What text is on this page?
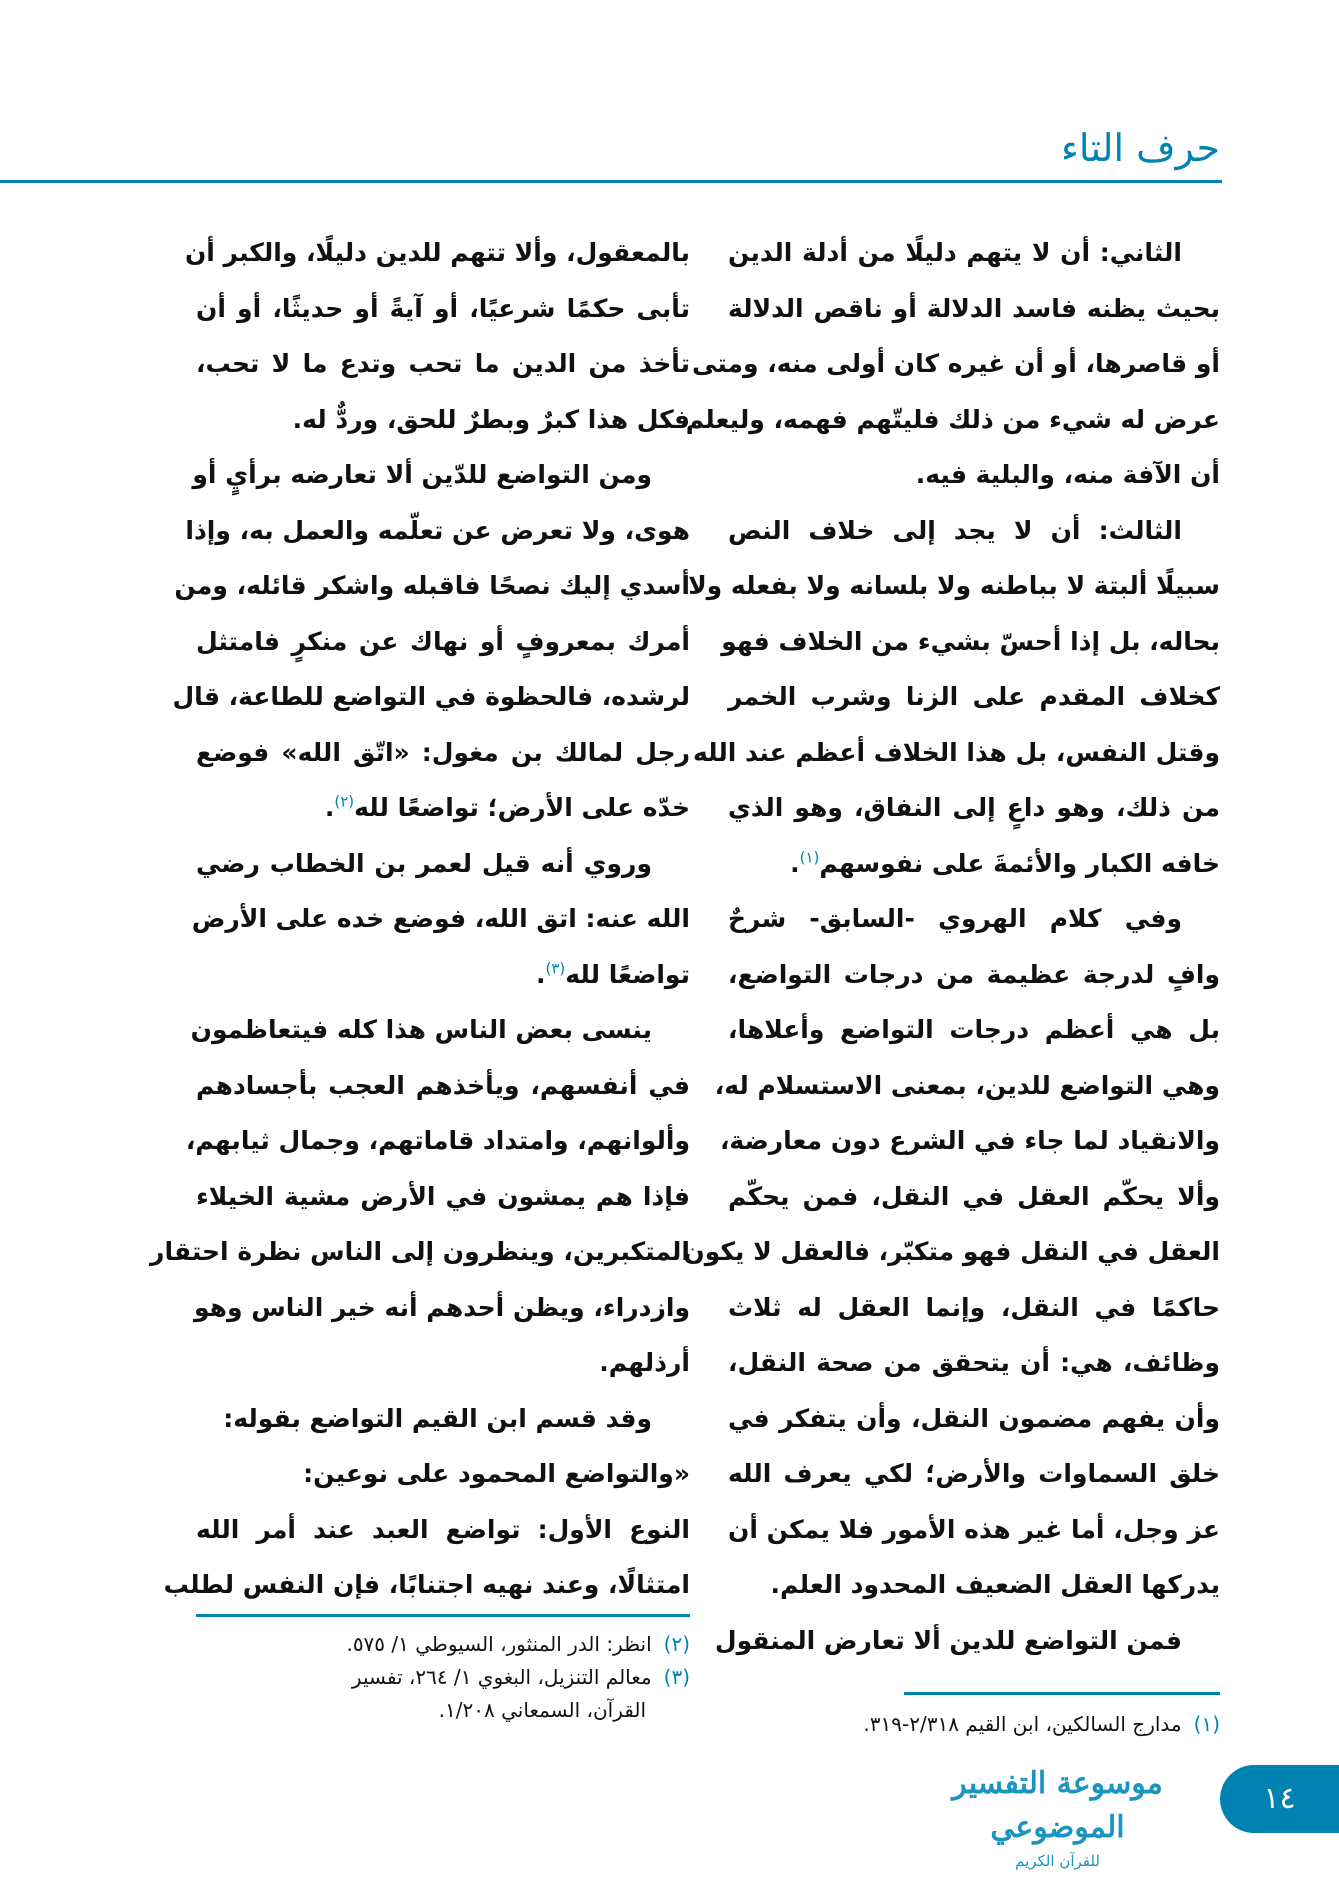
حرف التاء
الثاني: أن لا يتهم دليلًا من أدلة الدين
بحيث يظنه فاسد الدلالة أو ناقص الدلالة
أو قاصرها، أو أن غيره كان أولى منه، ومتى
عرض له شيء من ذلك فليتّهم فهمه، وليعلم
أن الآفة منه، والبلية فيه.
الثالث: أن لا يجد إلى خلاف النص
سبيلًا ألبتة لا بباطنه ولا بلسانه ولا بفعله ولا
بحاله، بل إذا أحسّ بشيء من الخلاف فهو
كخلاف المقدم على الزنا وشرب الخمر
وقتل النفس، بل هذا الخلاف أعظم عند الله
من ذلك، وهو داعٍ إلى النفاق، وهو الذي
خافه الكبار والأئمةَ على نفوسهم$^{(١)}$.
وفي كلام الهروي -السابق- شرحٌ
وافٍ لدرجة عظيمة من درجات التواضع،
بل هي أعظم درجات التواضع وأعلاها،
وهي التواضع للدين، بمعنى الاستسلام له،
والانقياد لما جاء في الشرع دون معارضة،
وألا يحكّم العقل في النقل، فمن يحكّم
العقل في النقل فهو متكبّر، فالعقل لا يكون
حاكمًا في النقل، وإنما العقل له ثلاث
وظائف، هي: أن يتحقق من صحة النقل،
وأن يفهم مضمون النقل، وأن يتفكر في
خلق السماوات والأرض؛ لكي يعرف الله
عز وجل، أما غير هذه الأمور فلا يمكن أن
يدركها العقل الضعيف المحدود العلم.
فمن التواضع للدين ألا تعارض المنقول
بالمعقول، وألا تتهم للدين دليلًا، والكبر أن
تأبى حكمًا شرعيًا، أو آيةً أو حديثًا، أو أن
تأخذ من الدين ما تحب وتدع ما لا تحب،
فكل هذا كبرٌ وبطرٌ للحق، وردٌّ له.
ومن التواضع للدّين ألا تعارضه برأيٍ أو
هوى، ولا تعرض عن تعلّمه والعمل به، وإذا
أسدي إليك نصحًا فاقبله واشكر قائله، ومن
أمرك بمعروفٍ أو نهاك عن منكرٍ فامتثل
لرشده، فالحظوة في التواضع للطاعة، قال
رجل لمالك بن مغول: «اتّق الله» فوضع
خدّه على الأرض؛ تواضعًا لله$^{(٢)}$.
وروي أنه قيل لعمر بن الخطاب رضي
الله عنه: اتق الله، فوضع خده على الأرض
تواضعًا لله$^{(٣)}$.
ينسى بعض الناس هذا كله فيتعاظمون
في أنفسهم، ويأخذهم العجب بأجسادهم
وألوانهم، وامتداد قاماتهم، وجمال ثيابهم،
فإذا هم يمشون في الأرض مشية الخيلاء
المتكبرين، وينظرون إلى الناس نظرة احتقار
وازدراء، ويظن أحدهم أنه خير الناس وهو
أرذلهم.
وقد قسم ابن القيم التواضع بقوله:
«والتواضع المحمود على نوعين:
النوع الأول: تواضع العبد عند أمر الله
امتثالًا، وعند نهيه اجتنابًا، فإن النفس لطلب
(١)مدارج السالكين، ابن القيم ٢/٣١٨-٣١٩.
(٢)انظر: الدر المنثور، السيوطي ١/ ٥٧٥.
(٣)معالم التنزيل، البغوي ١/ ٢٦٤، تفسير
القرآن، السمعاني ١/٢٠٨.
موسوعة التفسير الموضوعي
للقرآن الكريم
١٤
